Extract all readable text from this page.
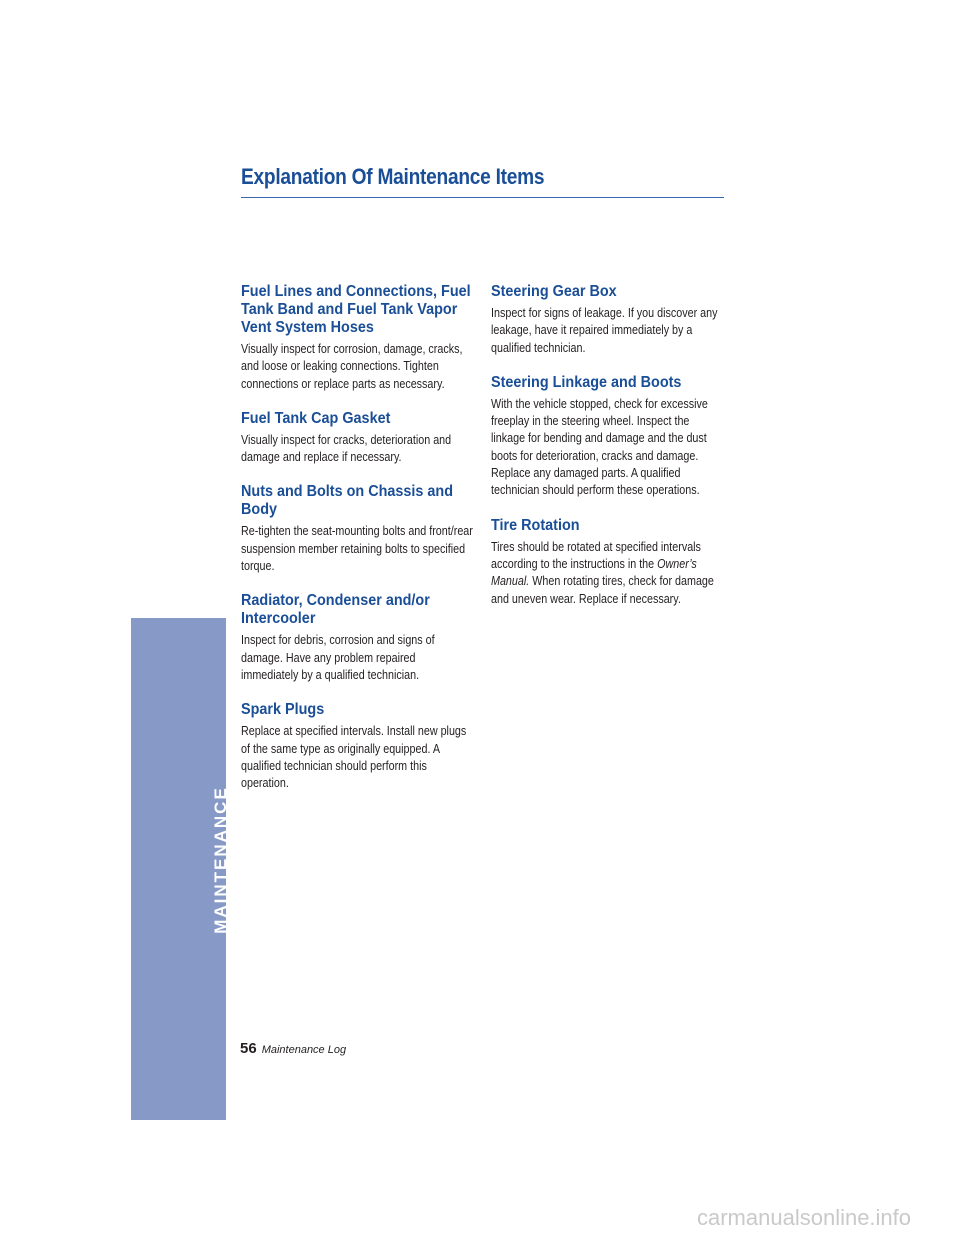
MAINTENANCE
Explanation Of Maintenance Items
Fuel Lines and Connections, Fuel Tank Band and Fuel Tank Vapor Vent System Hoses

Visually inspect for corrosion, damage, cracks, and loose or leaking connections. Tighten connections or replace parts as necessary.

Fuel Tank Cap Gasket

Visually inspect for cracks, deterioration and damage and replace if necessary.

Nuts and Bolts on Chassis and Body

Re-tighten the seat-mounting bolts and front/rear suspension member retaining bolts to specified torque.

Radiator, Condenser and/or Intercooler

Inspect for debris, corrosion and signs of damage. Have any problem repaired immediately by a qualified technician.

Spark Plugs

Replace at specified intervals. Install new plugs of the same type as originally equipped. A qualified technician should perform this operation.

Steering Gear Box

Inspect for signs of leakage. If you discover any leakage, have it repaired immediately by a qualified technician.

Steering Linkage and Boots

With the vehicle stopped, check for excessive freeplay in the steering wheel. Inspect the linkage for bending and damage and the dust boots for deterioration, cracks and damage. Replace any damaged parts. A qualified technician should perform these operations.

Tire Rotation

Tires should be rotated at specified intervals according to the instructions in the Owner’s Manual. When rotating tires, check for damage and uneven wear. Replace if necessary.

56 Maintenance Log
carmanualsonline.info
